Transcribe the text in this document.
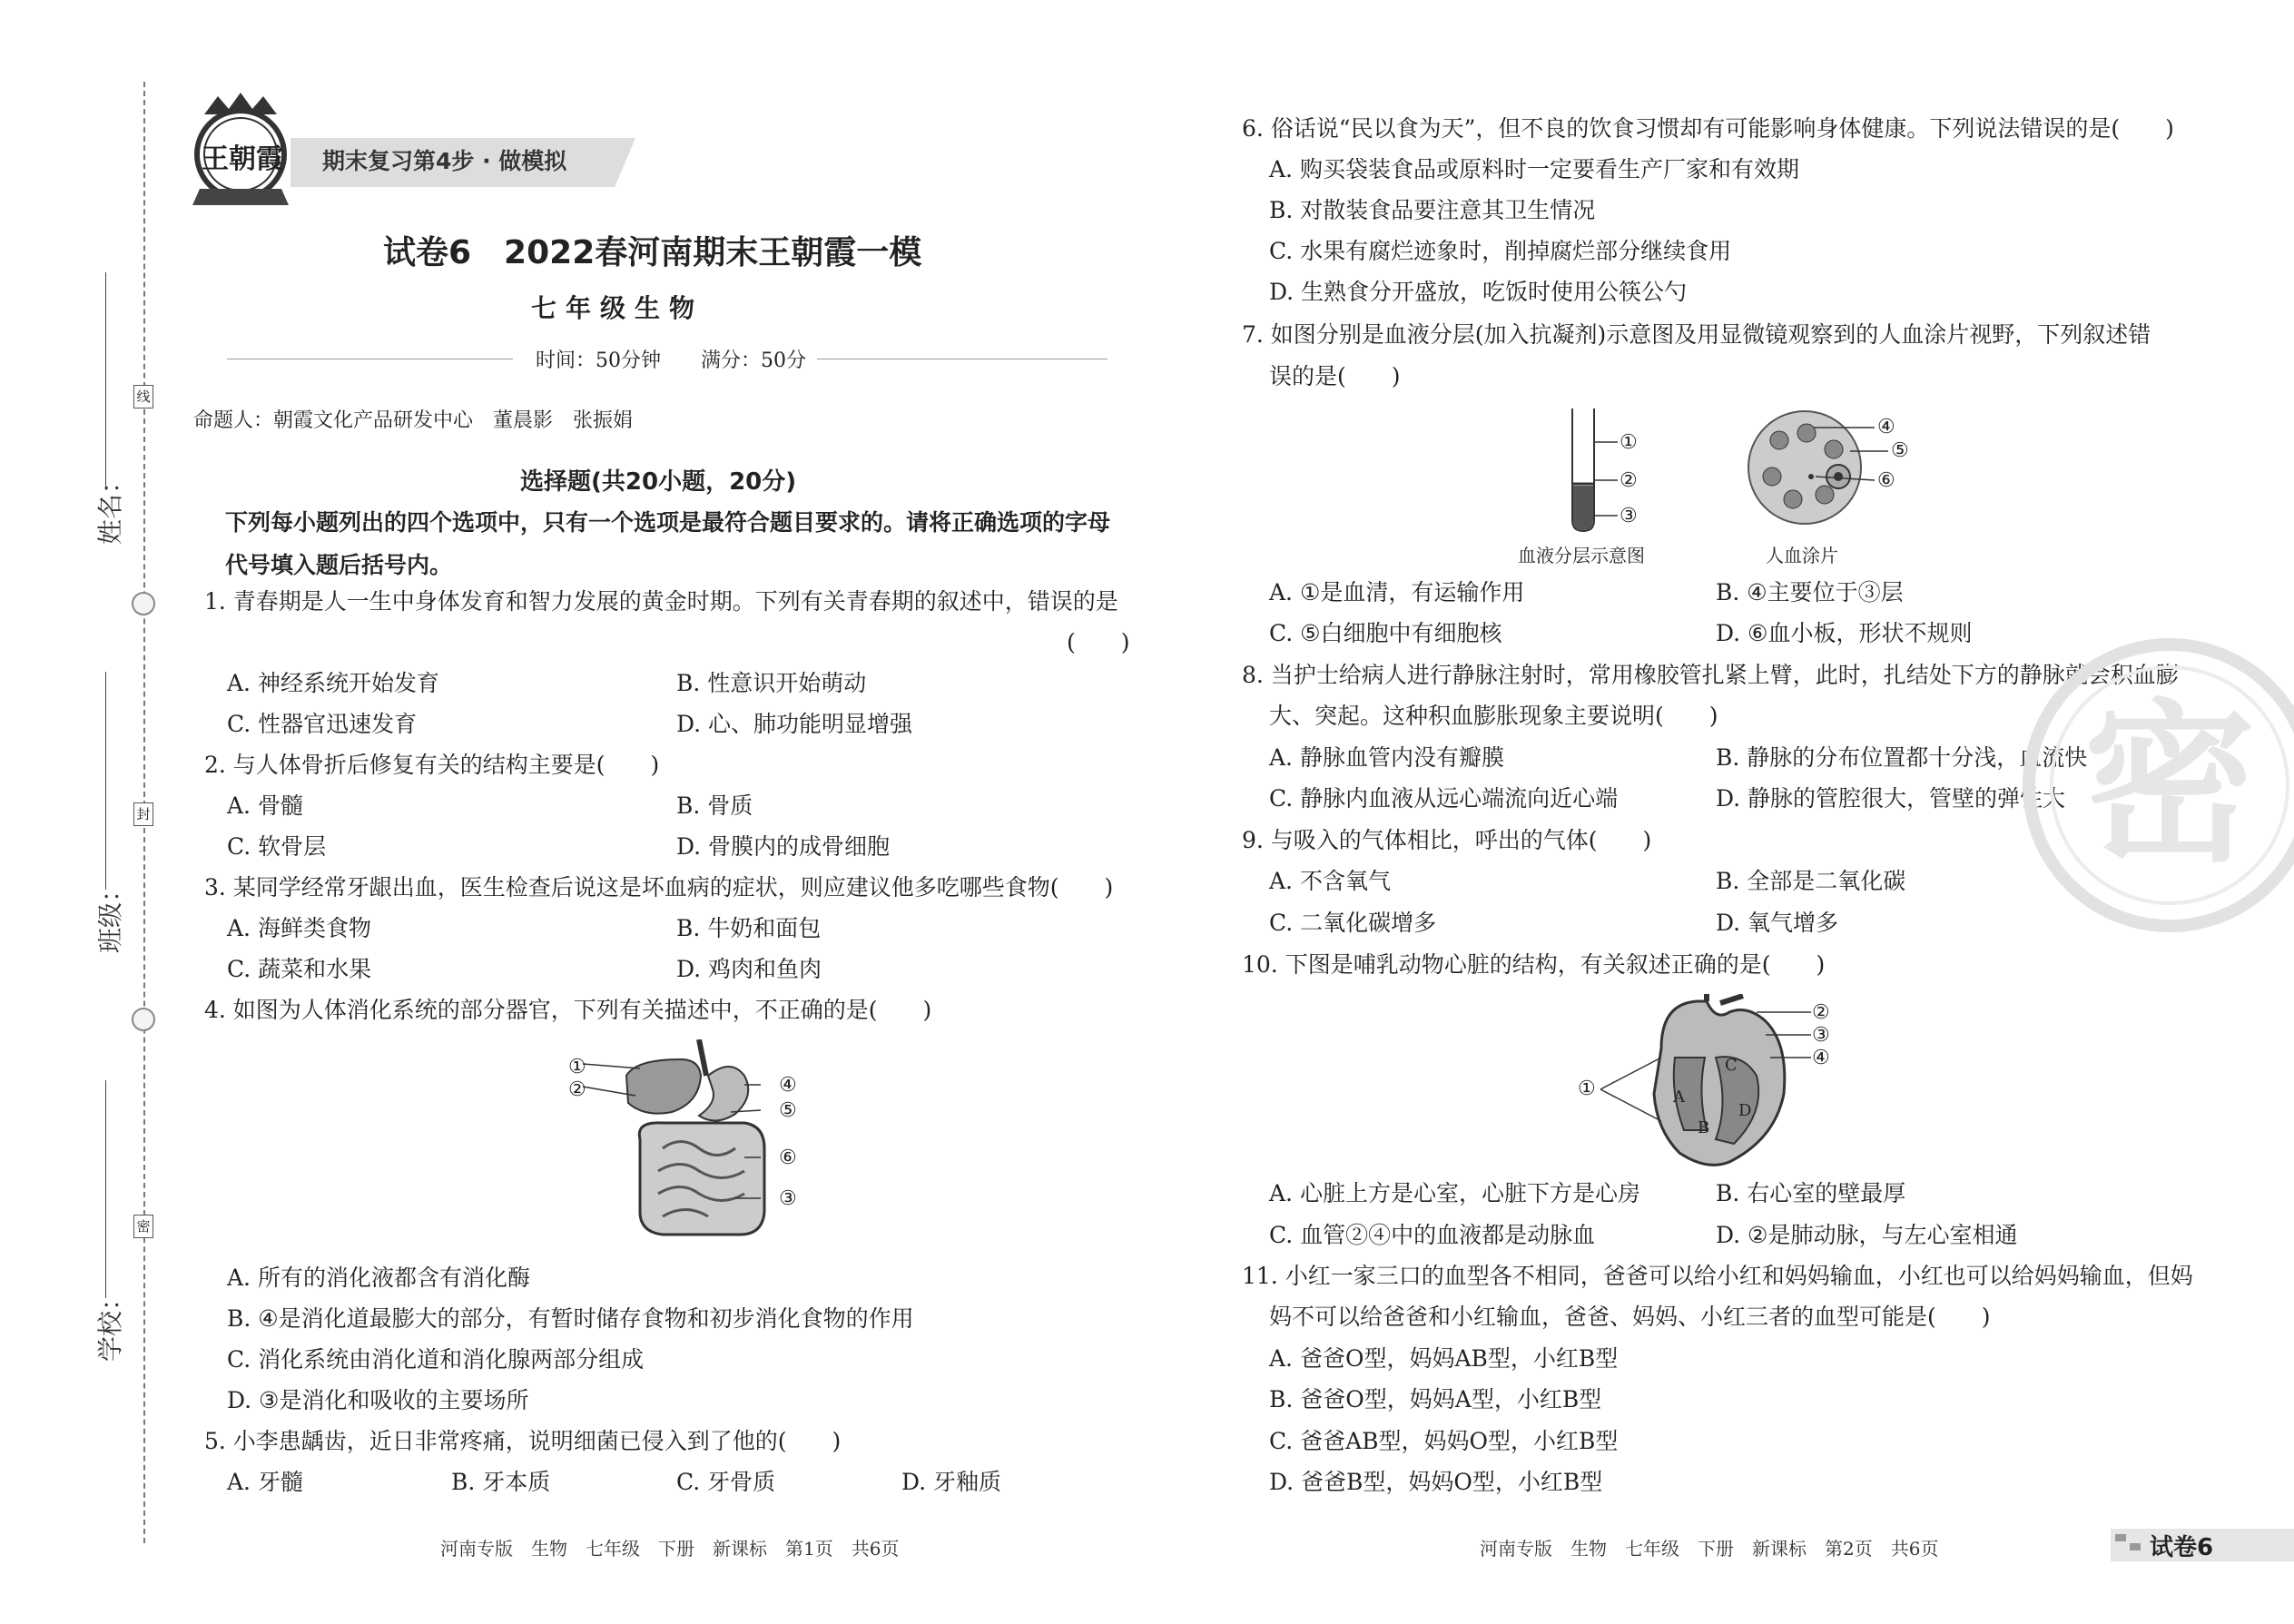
姓名：
班级：
学校：
线
封
密
王朝霞 期末复习第4步 · 做模拟
试卷6　2022春河南期末王朝霞一模
七年级生物
时间：50分钟　　满分：50分
命题人：朝霞文化产品研发中心　董晨影　张振娟
选择题(共20小题，20分)
下列每小题列出的四个选项中，只有一个选项是最符合题目要求的。请将正确选项的字母
代号填入题后括号内。
1. 青春期是人一生中身体发育和智力发展的黄金时期。下列有关青春期的叙述中，错误的是
(　　)
A. 神经系统开始发育	B. 性意识开始萌动
C. 性器官迅速发育	D. 心、肺功能明显增强
2. 与人体骨折后修复有关的结构主要是(　　)
A. 骨髓	B. 骨质
C. 软骨层	D. 骨膜内的成骨细胞
3. 某同学经常牙龈出血，医生检查后说这是坏血病的症状，则应建议他多吃哪些食物(　　)
A. 海鲜类食物	B. 牛奶和面包
C. 蔬菜和水果	D. 鸡肉和鱼肉
4. 如图为人体消化系统的部分器官，下列有关描述中，不正确的是(　　)
①
②
③
④
⑤
⑥
A. 所有的消化液都含有消化酶
B. ④是消化道最膨大的部分，有暂时储存食物和初步消化食物的作用
C. 消化系统由消化道和消化腺两部分组成
D. ③是消化和吸收的主要场所
5. 小李患龋齿，近日非常疼痛，说明细菌已侵入到了他的(　　)
A. 牙髓	B. 牙本质	C. 牙骨质	D. 牙釉质
6. 俗话说“民以食为天”，但不良的饮食习惯却有可能影响身体健康。下列说法错误的是(　　)
A. 购买袋装食品或原料时一定要看生产厂家和有效期
B. 对散装食品要注意其卫生情况
C. 水果有腐烂迹象时，削掉腐烂部分继续食用
D. 生熟食分开盛放，吃饭时使用公筷公勺
7. 如图分别是血液分层(加入抗凝剂)示意图及用显微镜观察到的人血涂片视野，下列叙述错
误的是(　　)
①
②
③
④
⑤
⑥
血液分层示意图	人血涂片
A. ①是血清，有运输作用	B. ④主要位于③层
C. ⑤白细胞中有细胞核	D. ⑥血小板，形状不规则
8. 当护士给病人进行静脉注射时，常用橡胶管扎紧上臂，此时，扎结处下方的静脉就会积血膨
大、突起。这种积血膨胀现象主要说明(　　)
A. 静脉血管内没有瓣膜	B. 静脉的分布位置都十分浅，血流快
C. 静脉内血液从远心端流向近心端	D. 静脉的管腔很大，管壁的弹性大
9. 与吸入的气体相比，呼出的气体(　　)
A. 不含氧气	B. 全部是二氧化碳
C. 二氧化碳增多	D. 氧气增多
10. 下图是哺乳动物心脏的结构，有关叙述正确的是(　　)
①
②
③
④
A
B
C
D
A. 心脏上方是心室，心脏下方是心房	B. 右心室的壁最厚
C. 血管②④中的血液都是动脉血	D. ②是肺动脉，与左心室相通
11. 小红一家三口的血型各不相同，爸爸可以给小红和妈妈输血，小红也可以给妈妈输血，但妈
妈不可以给爸爸和小红输血，爸爸、妈妈、小红三者的血型可能是(　　)
A. 爸爸O型，妈妈AB型，小红B型
B. 爸爸O型，妈妈A型，小红B型
C. 爸爸AB型，妈妈O型，小红B型
D. 爸爸B型，妈妈O型，小红B型
密
河南专版　生物　七年级　下册　新课标　第1页　共6页	河南专版　生物　七年级　下册　新课标　第2页　共6页	试卷6
